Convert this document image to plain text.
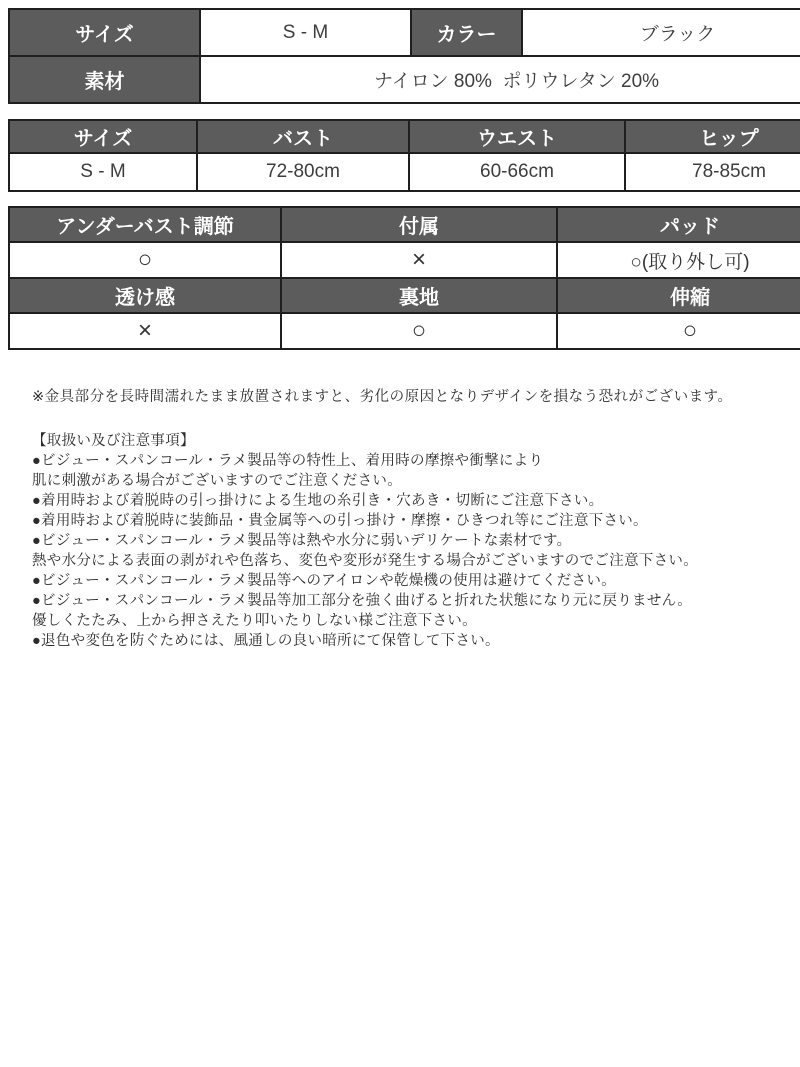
サイズ	S - M	カラー	ブラック
素材	ナイロン 80%  ポリウレタン 20%		
サイズ	バスト	ウエスト	ヒップ
S - M	72-80cm	60-66cm	78-85cm
アンダーバスト調節	付属	パッド
○	×	○(取り外し可)
透け感	裏地	伸縮
×	○	○
※金具部分を長時間濡れたまま放置されますと、劣化の原因となりデザインを損なう恐れがございます。
【取扱い及び注意事項】
●ビジュー・スパンコール・ラメ製品等の特性上、着用時の摩擦や衝撃により
肌に刺激がある場合がございますのでご注意ください。
●着用時および着脱時の引っ掛けによる生地の糸引き・穴あき・切断にご注意下さい。
●着用時および着脱時に装飾品・貴金属等への引っ掛け・摩擦・ひきつれ等にご注意下さい。
●ビジュー・スパンコール・ラメ製品等は熱や水分に弱いデリケートな素材です。
熱や水分による表面の剥がれや色落ち、変色や変形が発生する場合がございますのでご注意下さい。
●ビジュー・スパンコール・ラメ製品等へのアイロンや乾燥機の使用は避けてください。
●ビジュー・スパンコール・ラメ製品等加工部分を強く曲げると折れた状態になり元に戻りません。
優しくたたみ、上から押さえたり叩いたりしない様ご注意下さい。
●退色や変色を防ぐためには、風通しの良い暗所にて保管して下さい。
